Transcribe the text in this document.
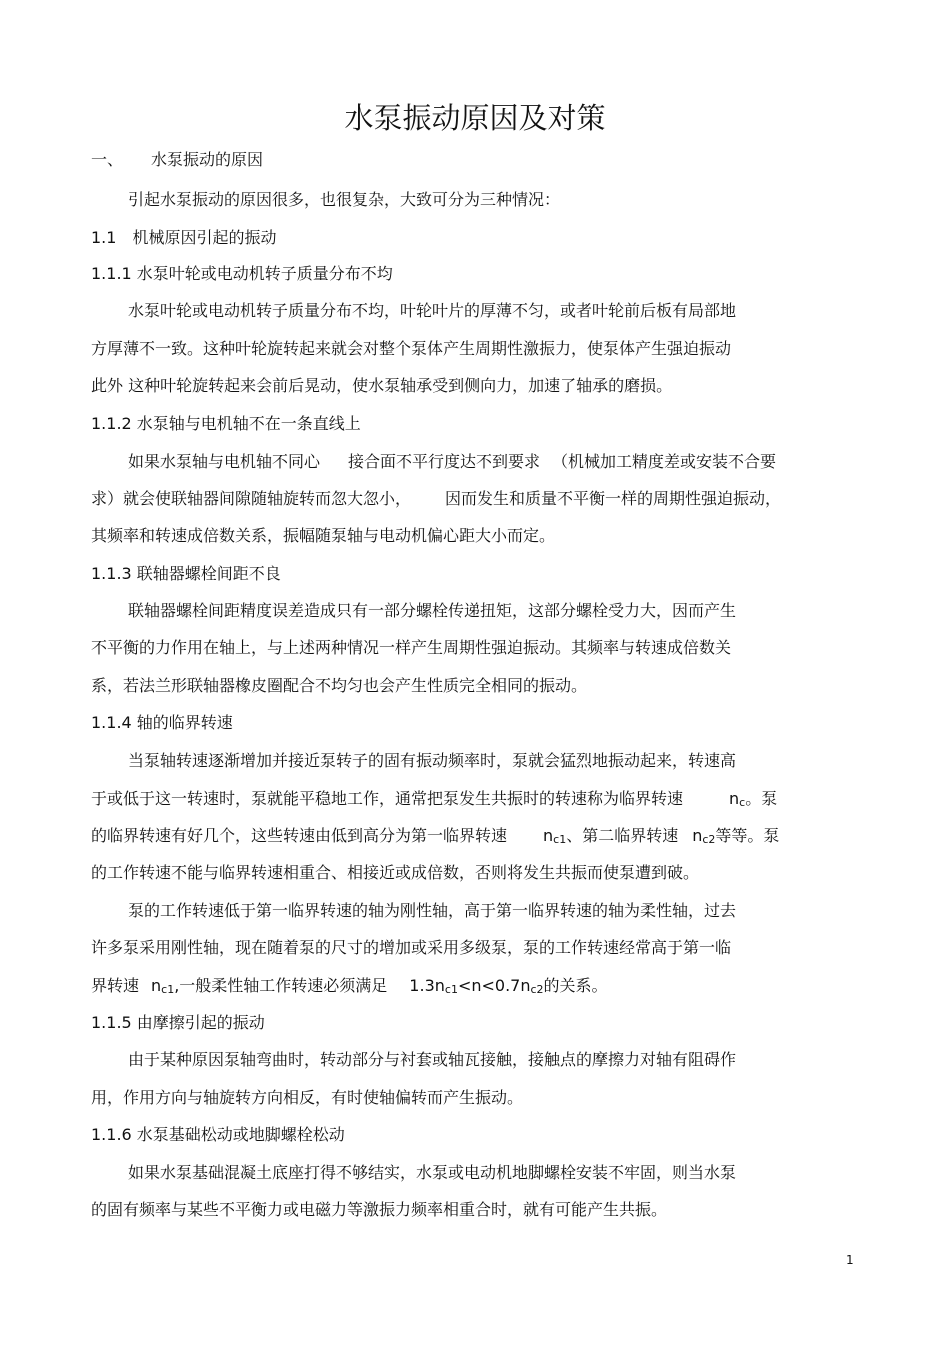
水泵振动原因及对策
一、 水泵振动的原因
引起水泵振动的原因很多，也很复杂，大致可分为三种情况：
1.1 机械原因引起的振动
1.1.1 水泵叶轮或电动机转子质量分布不均
水泵叶轮或电动机转子质量分布不均，叶轮叶片的厚薄不匀，或者叶轮前后板有局部地
方厚薄不一致。这种叶轮旋转起来就会对整个泵体产生周期性激振力，使泵体产生强迫振动
此外 这种叶轮旋转起来会前后晃动，使水泵轴承受到侧向力，加速了轴承的磨损。
1.1.2 水泵轴与电机轴不在一条直线上
如果水泵轴与电机轴不同心 接合面不平行度达不到要求 （机械加工精度差或安装不合要
求）就会使联轴器间隙随轴旋转而忽大忽小， 因而发生和质量不平衡一样的周期性强迫振动，
其频率和转速成倍数关系，振幅随泵轴与电动机偏心距大小而定。
1.1.3 联轴器螺栓间距不良
联轴器螺栓间距精度误差造成只有一部分螺栓传递扭矩，这部分螺栓受力大，因而产生
不平衡的力作用在轴上，与上述两种情况一样产生周期性强迫振动。其频率与转速成倍数关
系，若法兰形联轴器橡皮圈配合不均匀也会产生性质完全相同的振动。
1.1.4 轴的临界转速
当泵轴转速逐渐增加并接近泵转子的固有振动频率时，泵就会猛烈地振动起来，转速高
于或低于这一转速时，泵就能平稳地工作，通常把泵发生共振时的转速称为临界转速	nc。泵
的临界转速有好几个，这些转速由低到高分为第一临界转速 nc1、第二临界转速 nc2等等。泵
的工作转速不能与临界转速相重合、相接近或成倍数，否则将发生共振而使泵遭到破。
泵的工作转速低于第一临界转速的轴为刚性轴，高于第一临界转速的轴为柔性轴，过去
许多泵采用刚性轴，现在随着泵的尺寸的增加或采用多级泵，泵的工作转速经常高于第一临
界转速 nc1,一般柔性轴工作转速必须满足 1.3nc1<n<0.7nc2的关系。
1.1.5 由摩擦引起的振动
由于某种原因泵轴弯曲时，转动部分与衬套或轴瓦接触，接触点的摩擦力对轴有阻碍作
用，作用方向与轴旋转方向相反，有时使轴偏转而产生振动。
1.1.6 水泵基础松动或地脚螺栓松动
如果水泵基础混凝土底座打得不够结实，水泵或电动机地脚螺栓安装不牢固，则当水泵
的固有频率与某些不平衡力或电磁力等激振力频率相重合时，就有可能产生共振。
1
